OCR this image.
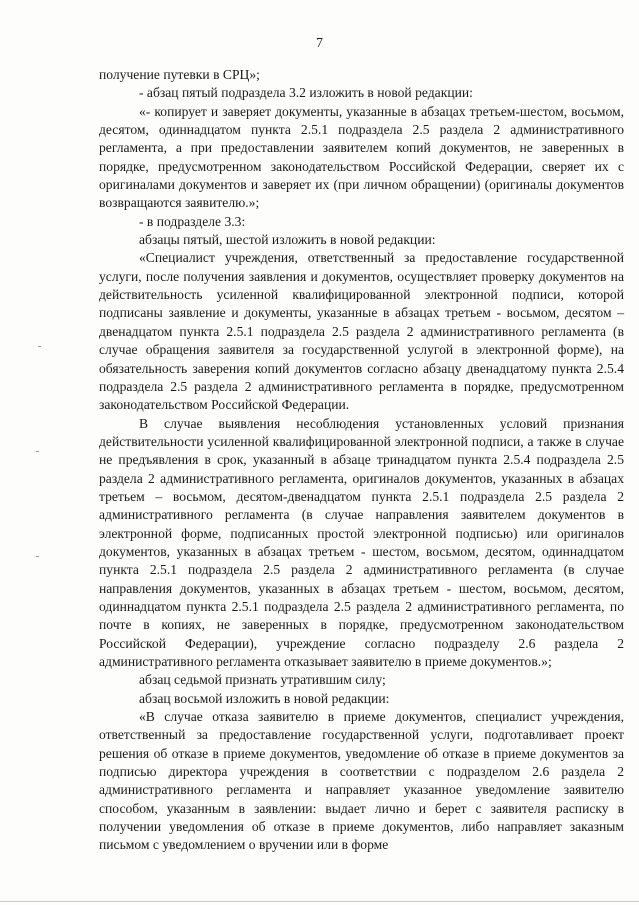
7

получение путевки в СРЦ»;

- абзац пятый подраздела 3.2 изложить в новой редакции:

«- копирует и заверяет документы, указанные в абзацах третьем-шестом, восьмом, десятом, одиннадцатом пункта 2.5.1 подраздела 2.5 раздела 2 административного регламента, а при предоставлении заявителем копий документов, не заверенных в порядке, предусмотренном законодательством Российской Федерации, сверяет их с оригиналами документов и заверяет их (при личном обращении) (оригиналы документов возвращаются заявителю.»;

- в подразделе 3.3:

абзацы пятый, шестой изложить в новой редакции:

«Специалист учреждения, ответственный за предоставление государственной услуги, после получения заявления и документов, осуществляет проверку документов на действительность усиленной квалифицированной электронной подписи, которой подписаны заявление и документы, указанные в абзацах третьем - восьмом, десятом – двенадцатом пункта 2.5.1 подраздела 2.5 раздела 2 административного регламента (в случае обращения заявителя за государственной услугой в электронной форме), на обязательность заверения копий документов согласно абзацу двенадцатому пункта 2.5.4 подраздела 2.5 раздела 2 административного регламента в порядке, предусмотренном законодательством Российской Федерации.

В случае выявления несоблюдения установленных условий признания действительности усиленной квалифицированной электронной подписи, а также в случае не предъявления в срок, указанный в абзаце тринадцатом пункта 2.5.4 подраздела 2.5 раздела 2 административного регламента, оригиналов документов, указанных в абзацах третьем – восьмом, десятом-двенадцатом пункта 2.5.1 подраздела 2.5 раздела 2 административного регламента (в случае направления заявителем документов в электронной форме, подписанных простой электронной подписью) или оригиналов документов, указанных в абзацах третьем - шестом, восьмом, десятом, одиннадцатом пункта 2.5.1 подраздела 2.5 раздела 2 административного регламента (в случае направления документов, указанных в абзацах третьем - шестом, восьмом, десятом, одиннадцатом пункта 2.5.1 подраздела 2.5 раздела 2 административного регламента, по почте в копиях, не заверенных в порядке, предусмотренном законодательством Российской Федерации), учреждение согласно подразделу 2.6 раздела 2 административного регламента отказывает заявителю в приеме документов.»;

абзац седьмой признать утратившим силу;

абзац восьмой изложить в новой редакции:

«В случае отказа заявителю в приеме документов, специалист учреждения, ответственный за предоставление государственной услуги, подготавливает проект решения об отказе в приеме документов, уведомление об отказе в приеме документов за подписью директора учреждения в соответствии с подразделом 2.6 раздела 2 административного регламента и направляет указанное уведомление заявителю способом, указанным в заявлении: выдает лично и берет с заявителя расписку в получении уведомления об отказе в приеме документов, либо направляет заказным письмом с уведомлением о вручении или в форме
